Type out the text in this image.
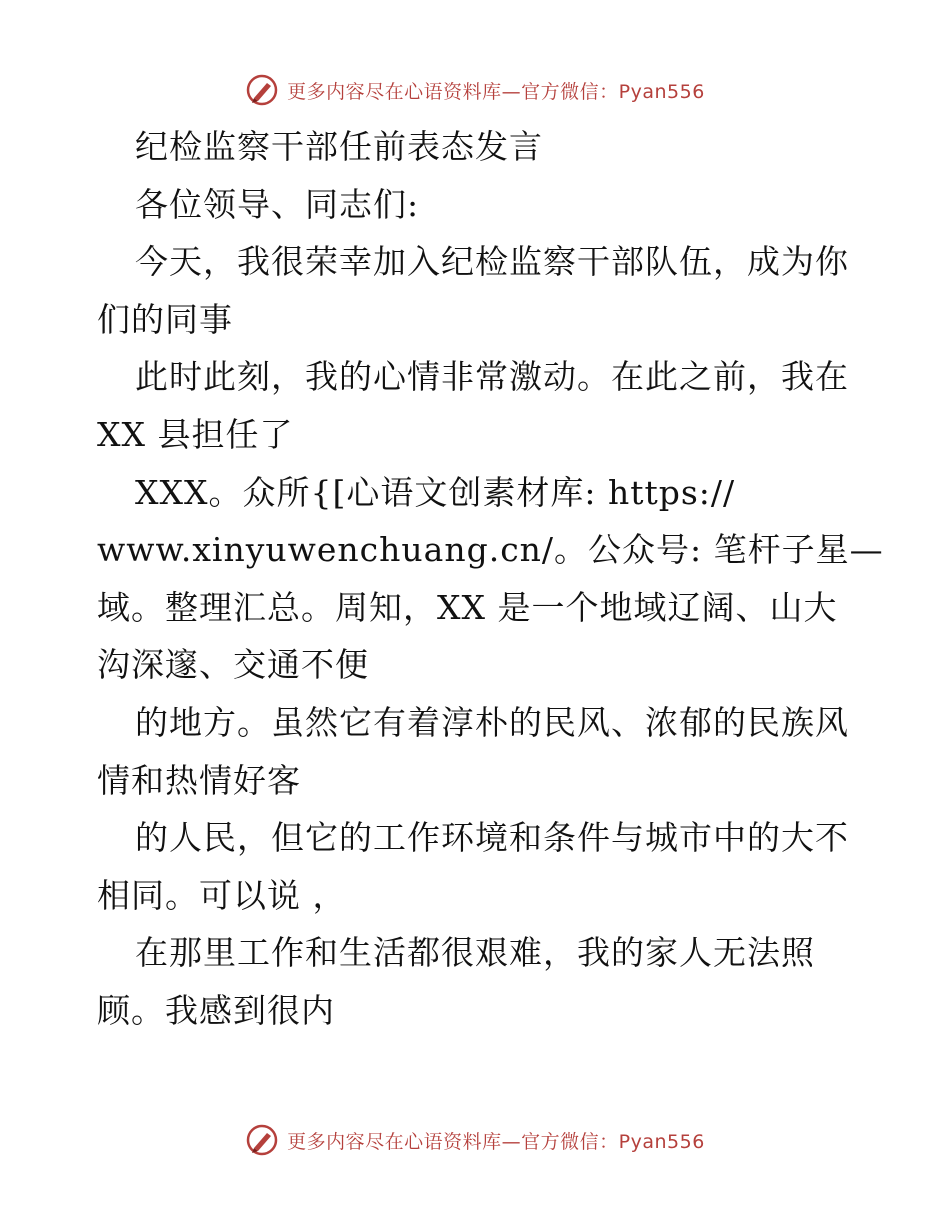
更多内容尽在心语资料库—官方微信：Pyan556
纪检监察干部任前表态发言
各位领导、同志们:
今天，我很荣幸加入纪检监察干部队伍，成为你
们的同事
此时此刻，我的心情非常激动。在此之前，我在
XX 县担任了
XXX。众所{[心语文创素材库: https://
www.xinyuwenchuang.cn/。公众号: 笔杆子星—
域。整理汇总。周知，XX 是一个地域辽阔、山大
沟深邃、交通不便
的地方。虽然它有着淳朴的民风、浓郁的民族风
情和热情好客
的人民，但它的工作环境和条件与城市中的大不
相同。可以说 ，
在那里工作和生活都很艰难，我的家人无法照
顾。我感到很内
更多内容尽在心语资料库—官方微信：Pyan556
